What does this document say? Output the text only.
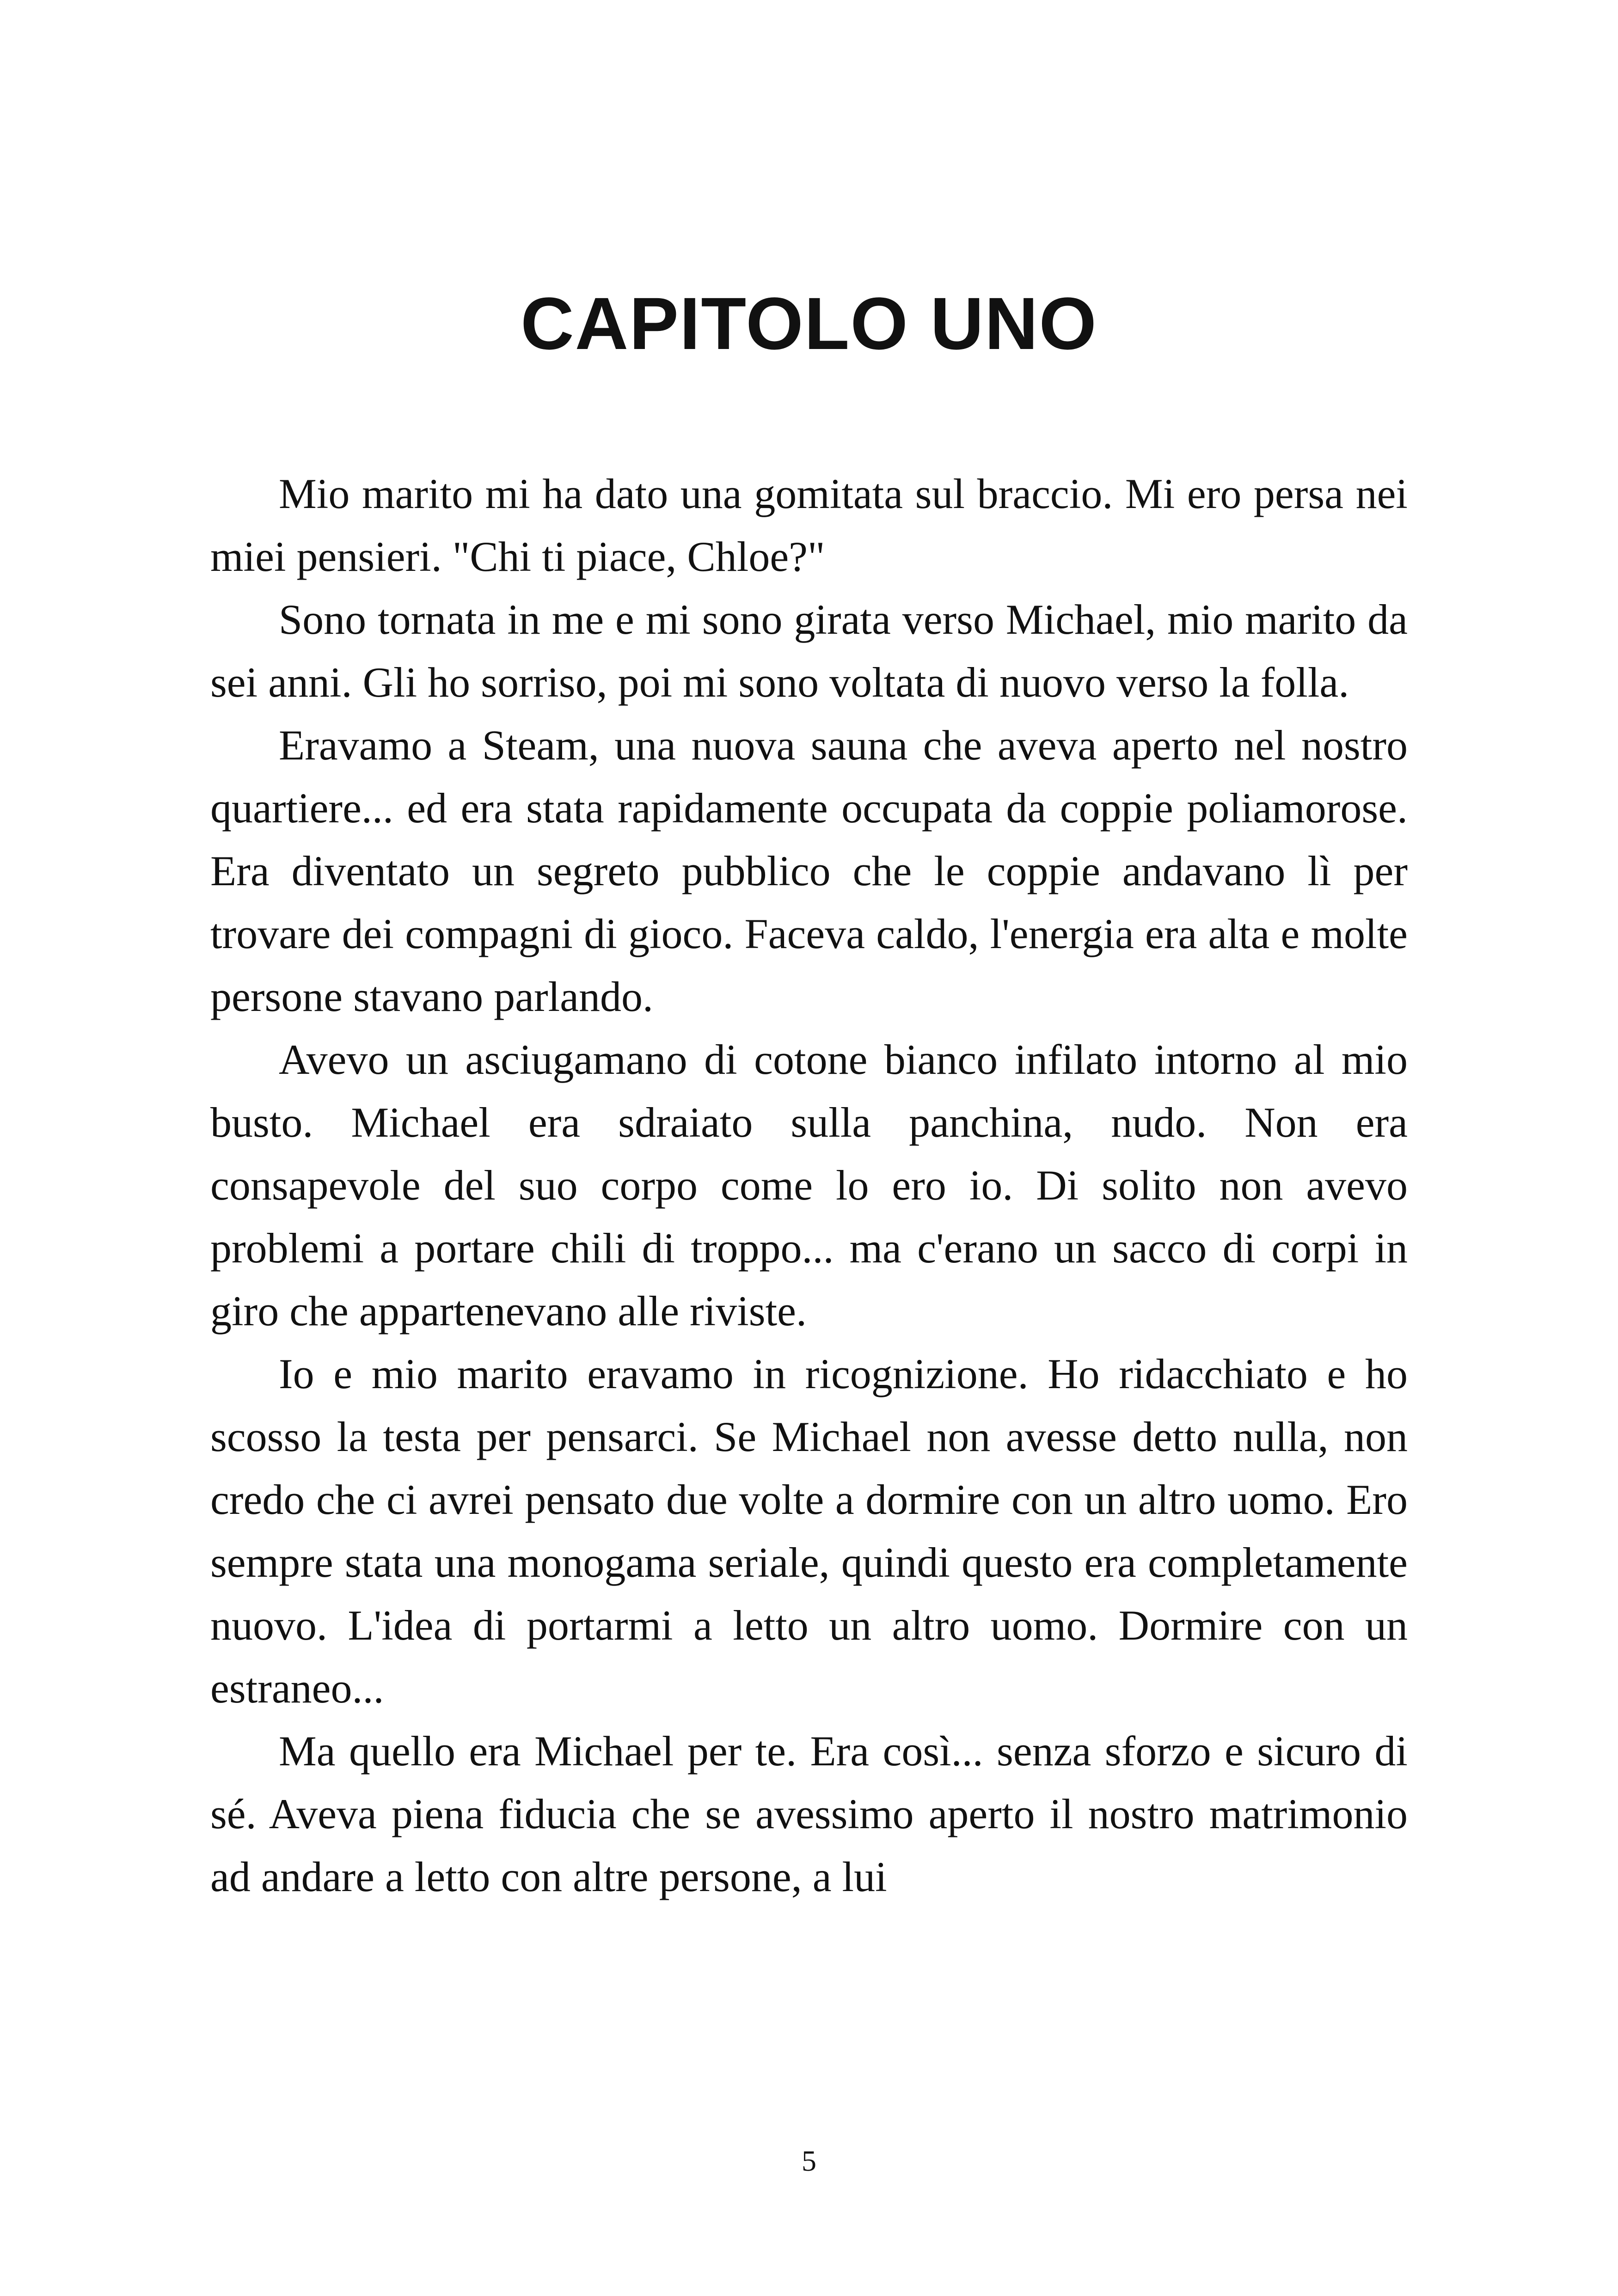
CAPITOLO UNO

Mio marito mi ha dato una gomitata sul braccio. Mi ero persa nei miei pensieri. "Chi ti piace, Chloe?"

Sono tornata in me e mi sono girata verso Michael, mio marito da sei anni. Gli ho sorriso, poi mi sono voltata di nuovo verso la folla.

Eravamo a Steam, una nuova sauna che aveva aperto nel nostro quartiere... ed era stata rapidamente occupata da coppie poliamorose. Era diventato un segreto pubblico che le coppie andavano lì per trovare dei compagni di gioco. Faceva caldo, l'energia era alta e molte persone stavano parlando.

Avevo un asciugamano di cotone bianco infilato intorno al mio busto. Michael era sdraiato sulla panchina, nudo. Non era consapevole del suo corpo come lo ero io. Di solito non avevo problemi a portare chili di troppo... ma c'erano un sacco di corpi in giro che appartenevano alle riviste.

Io e mio marito eravamo in ricognizione. Ho ridacchiato e ho scosso la testa per pensarci. Se Michael non avesse detto nulla, non credo che ci avrei pensato due volte a dormire con un altro uomo. Ero sempre stata una monogama seriale, quindi questo era completamente nuovo. L'idea di portarmi a letto un altro uomo. Dormire con un estraneo...

Ma quello era Michael per te. Era così... senza sforzo e sicuro di sé. Aveva piena fiducia che se avessimo aperto il nostro matrimonio ad andare a letto con altre persone, a lui

5
